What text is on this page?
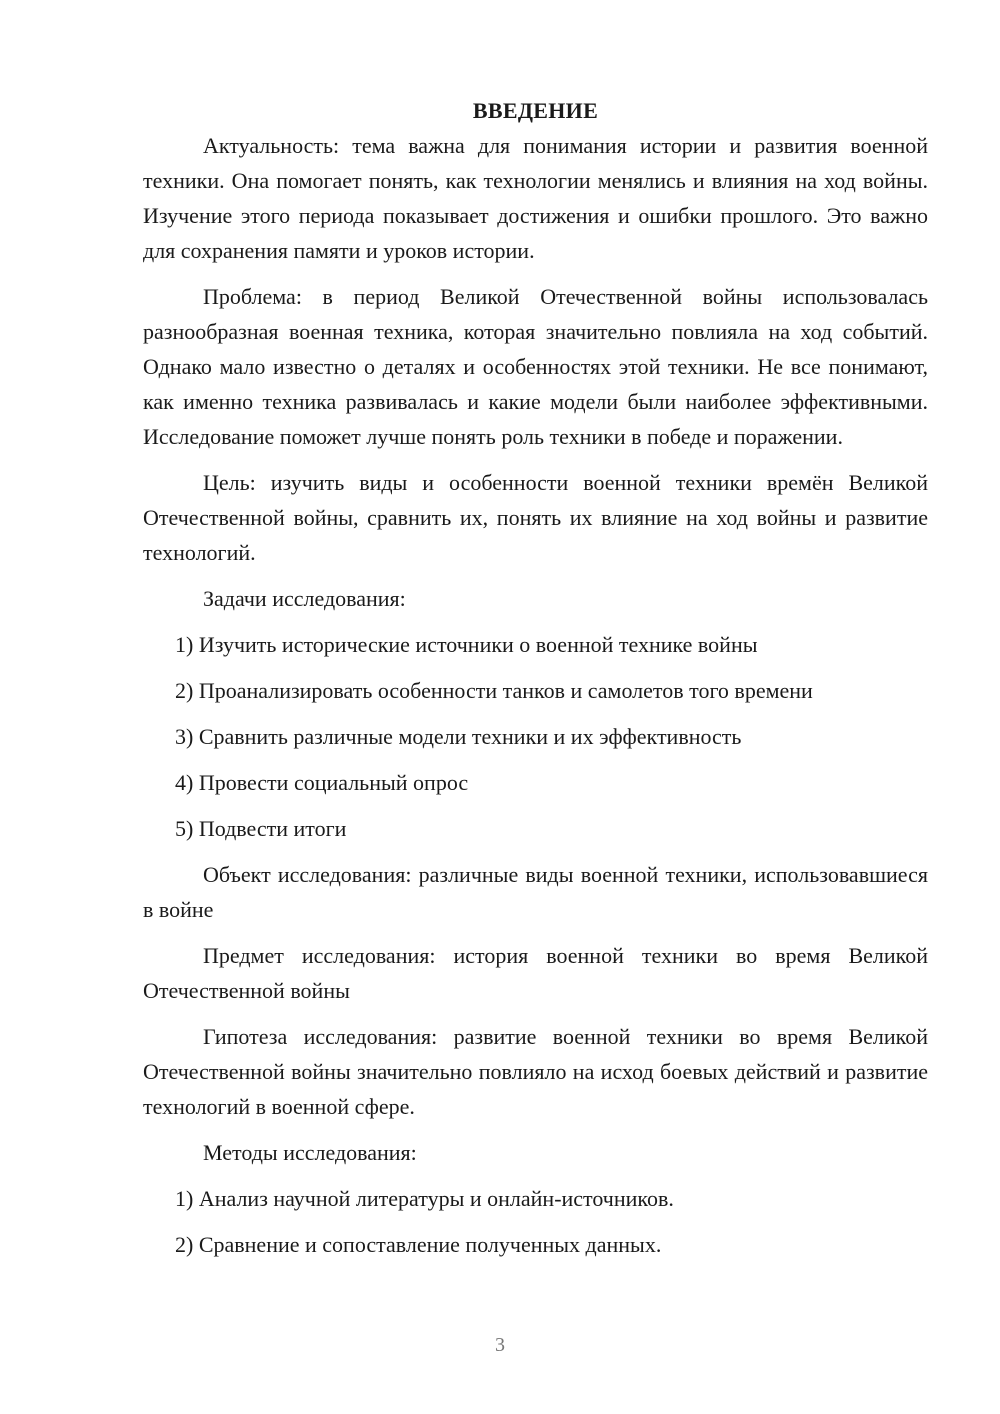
ВВЕДЕНИЕ

Актуальность: тема важна для понимания истории и развития военной техники. Она помогает понять, как технологии менялись и влияния на ход войны. Изучение этого периода показывает достижения и ошибки прошлого. Это важно для сохранения памяти и уроков истории.

Проблема: в период Великой Отечественной войны использовалась разнообразная военная техника, которая значительно повлияла на ход событий. Однако мало известно о деталях и особенностях этой техники. Не все понимают, как именно техника развивалась и какие модели были наиболее эффективными. Исследование поможет лучше понять роль техники в победе и поражении.

Цель: изучить виды и особенности военной техники времён Великой Отечественной войны, сравнить их, понять их влияние на ход войны и развитие технологий.

Задачи исследования:

1) Изучить исторические источники о военной технике войны
2) Проанализировать особенности танков и самолетов того времени
3) Сравнить различные модели техники и их эффективность
4) Провести социальный опрос
5) Подвести итоги

Объект исследования: различные виды военной техники, использовавшиеся в войне

Предмет исследования: история военной техники во время Великой Отечественной войны

Гипотеза исследования: развитие военной техники во время Великой Отечественной войны значительно повлияло на исход боевых действий и развитие технологий в военной сфере.

Методы исследования:

1) Анализ научной литературы и онлайн-источников.
2) Сравнение и сопоставление полученных данных.
3
